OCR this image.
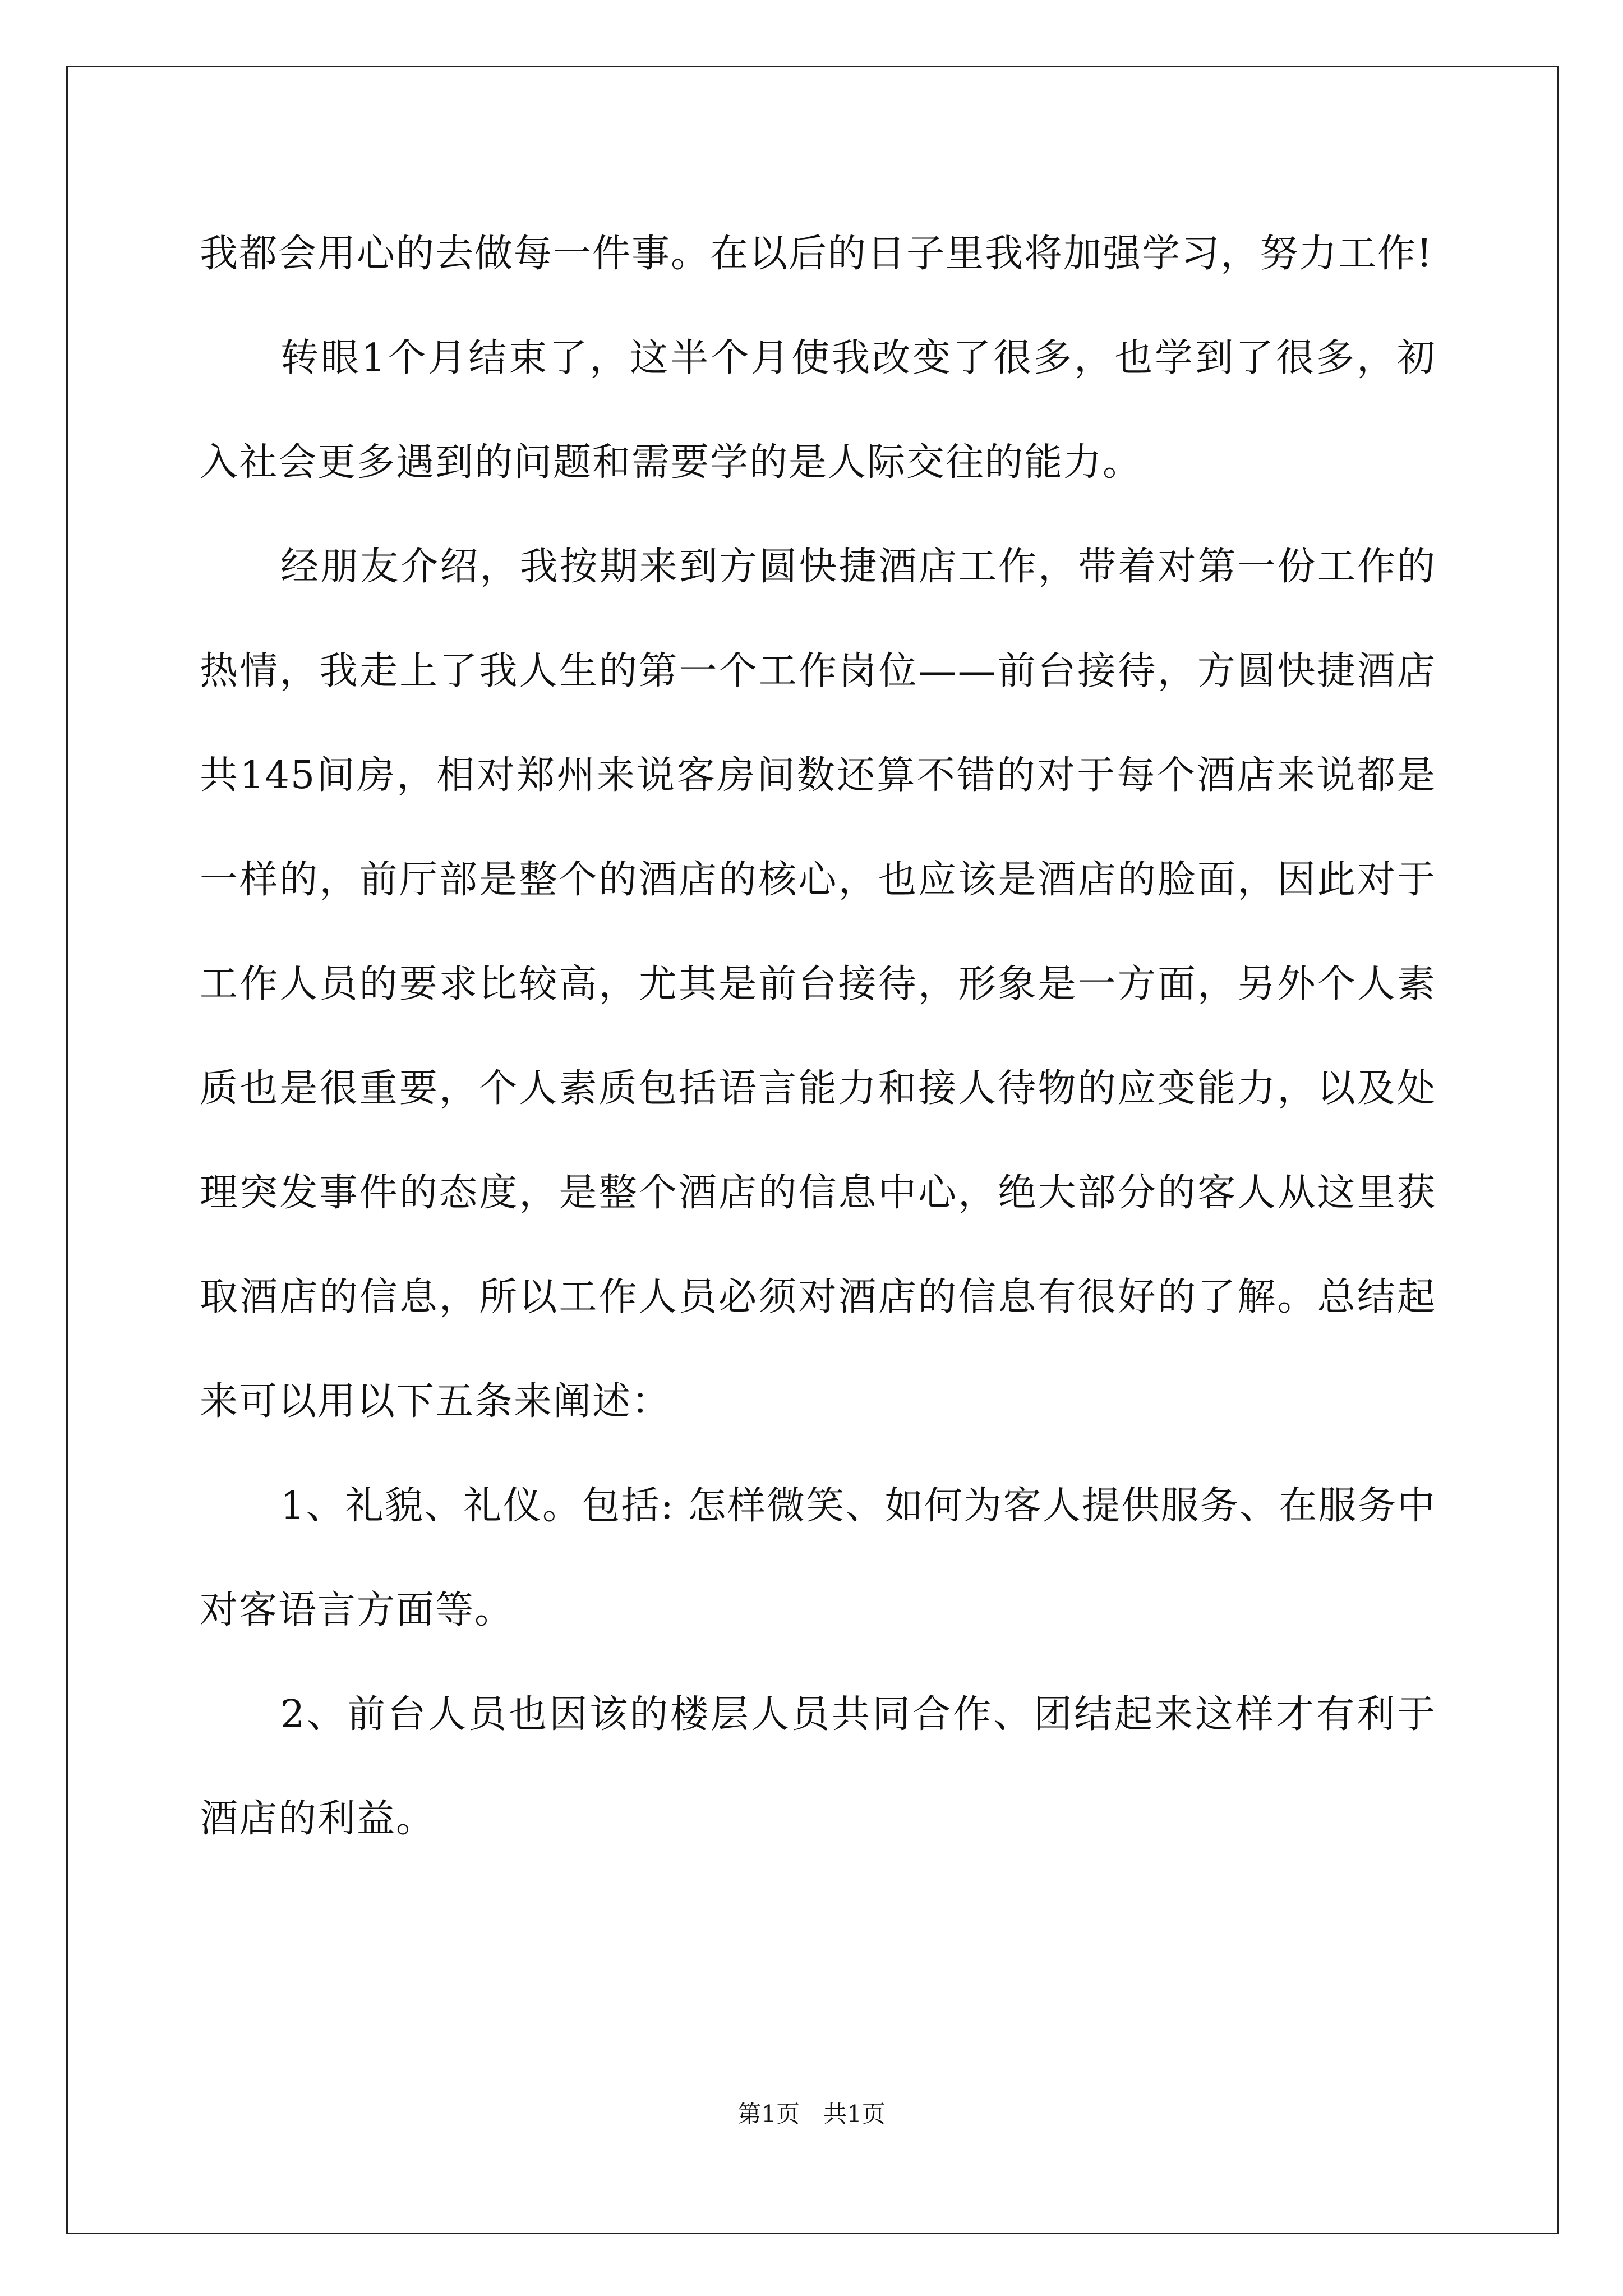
我都会用心的去做每一件事。在以后的日子里我将加强学习，努力工作!

转眼1个月结束了，这半个月使我改变了很多，也学到了很多，初入社会更多遇到的问题和需要学的是人际交往的能力。

经朋友介绍，我按期来到方圆快捷酒店工作，带着对第一份工作的热情，我走上了我人生的第一个工作岗位——前台接待，方圆快捷酒店共145间房，相对郑州来说客房间数还算不错的对于每个酒店来说都是一样的，前厅部是整个的酒店的核心，也应该是酒店的脸面，因此对于工作人员的要求比较高，尤其是前台接待，形象是一方面，另外个人素质也是很重要，个人素质包括语言能力和接人待物的应变能力，以及处理突发事件的态度，是整个酒店的信息中心，绝大部分的客人从这里获取酒店的信息，所以工作人员必须对酒店的信息有很好的了解。总结起来可以用以下五条来阐述：

1、礼貌、礼仪。包括: 怎样微笑、如何为客人提供服务、在服务中对客语言方面等。

2、前台人员也因该的楼层人员共同合作、团结起来这样才有利于酒店的利益。

第1页　共1页
